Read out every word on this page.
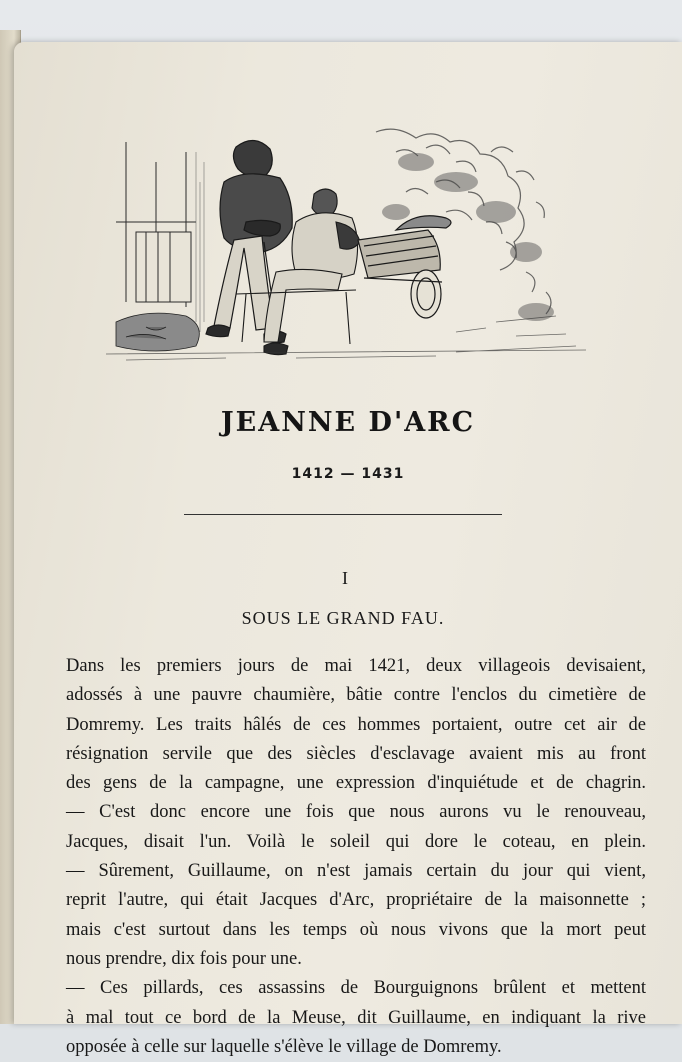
JEANNE D'ARC
1412 — 1431
I
SOUS LE GRAND FAU.
Dans les premiers jours de mai 1421, deux villageois devisaient,
adossés à une pauvre chaumière, bâtie contre l'enclos du cimetière de
Domremy. Les traits hâlés de ces hommes portaient, outre cet air de
résignation servile que des siècles d'esclavage avaient mis au front
des gens de la campagne, une expression d'inquiétude et de chagrin.
— C'est donc encore une fois que nous aurons vu le renouveau,
Jacques, disait l'un. Voilà le soleil qui dore le coteau, en plein.
— Sûrement, Guillaume, on n'est jamais certain du jour qui vient,
reprit l'autre, qui était Jacques d'Arc, propriétaire de la maisonnette ;
mais c'est surtout dans les temps où nous vivons que la mort peut
nous prendre, dix fois pour une.
— Ces pillards, ces assassins de Bourguignons brûlent et mettent
à mal tout ce bord de la Meuse, dit Guillaume, en indiquant la rive
opposée à celle sur laquelle s'élève le village de Domremy.
